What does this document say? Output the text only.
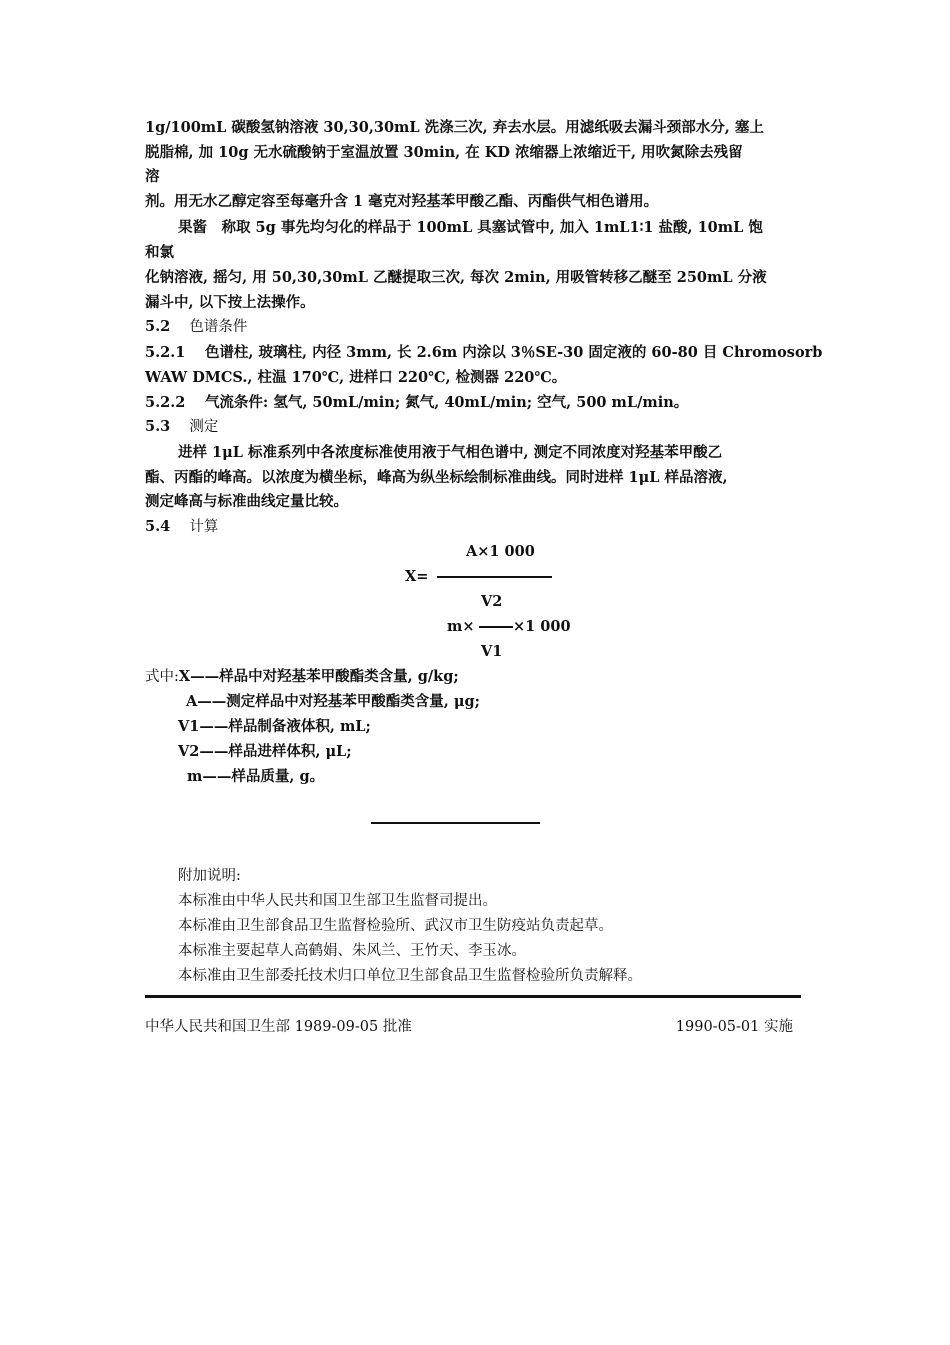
1g/100mL 碳酸氢钠溶液 30,30,30mL 洗涤三次, 弃去水层。用滤纸吸去漏斗颈部水分, 塞上
脱脂棉, 加 10g 无水硫酸钠于室温放置 30min, 在 KD 浓缩器上浓缩近干, 用吹氮除去残留
溶
剂。用无水乙醇定容至每毫升含 1 毫克对羟基苯甲酸乙酯、丙酯供气相色谱用。
果酱　称取 5g 事先均匀化的样品于 100mL 具塞试管中, 加入 1mL1∶1 盐酸, 10mL 饱
和氯
化钠溶液, 摇匀, 用 50,30,30mL 乙醚提取三次, 每次 2min, 用吸管转移乙醚至 250mL 分液
漏斗中, 以下按上法操作。
5.2　 色谱条件
5.2.1　 色谱柱, 玻璃柱, 内径 3mm, 长 2.6m 内涂以 3％SE-30 固定液的 60-80 目 Chromosorb
WAW DMCS., 柱温 170℃, 进样口 220℃, 检测器 220℃。
5.2.2　 气流条件: 氢气, 50mL/min; 氮气, 40mL/min; 空气, 500 mL/min。
5.3　 测定
进样 1μL 标准系列中各浓度标准使用液于气相色谱中, 测定不同浓度对羟基苯甲酸乙
酯、丙酯的峰高。以浓度为横坐标，峰高为纵坐标绘制标准曲线。同时进样 1μL 样品溶液,
测定峰高与标准曲线定量比较。
5.4　 计算
A×1 000
X=
V2
m×	×1 000
V1
式中:X——样品中对羟基苯甲酸酯类含量, g/kg;
A——测定样品中对羟基苯甲酸酯类含量, μg;
V1——样品制备液体积, mL;
V2——样品进样体积, μL;
m——样品质量, g。
附加说明:
本标准由中华人民共和国卫生部卫生监督司提出。
本标准由卫生部食品卫生监督检验所、武汉市卫生防疫站负责起草。
本标准主要起草人高鹤娟、朱风兰、王竹天、李玉冰。
本标准由卫生部委托技术归口单位卫生部食品卫生监督检验所负责解释。
中华人民共和国卫生部 1989-09-05 批准	1990-05-01 实施
